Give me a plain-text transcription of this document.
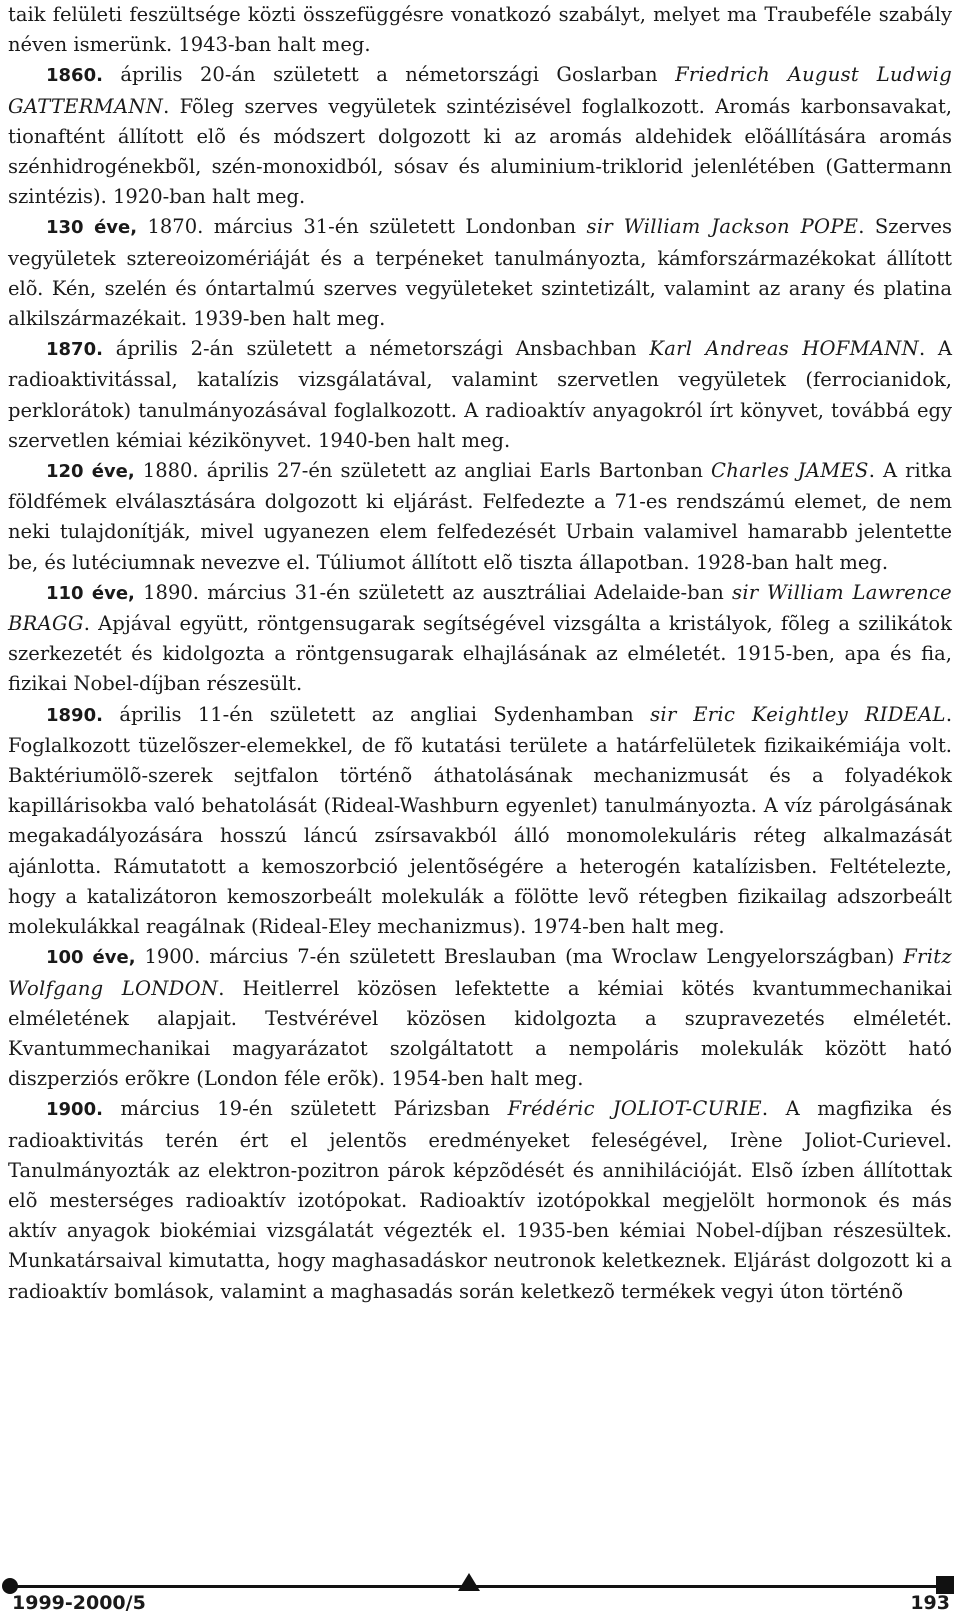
taik felületi feszültsége közti összefüggésre vonatkozó szabályt, melyet ma Traubeféle szabály néven ismerünk. 1943-ban halt meg.

1860. április 20-án született a németországi Goslarban Friedrich August Ludwig GATTERMANN. Fõleg szerves vegyületek szintézisével foglalkozott. Aromás karbonsavakat, tionaftént állított elõ és módszert dolgozott ki az aromás aldehidek elõállítására aromás szénhidrogénekbõl, szén-monoxidból, sósav és aluminium-triklorid jelenlétében (Gattermann szintézis). 1920-ban halt meg.

130 éve, 1870. március 31-én született Londonban sir William Jackson POPE. Szerves vegyületek sztereoizomériáját és a terpéneket tanulmányozta, kámforszármazékokat állított elõ. Kén, szelén és óntartalmú szerves vegyületeket szintetizált, valamint az arany és platina alkilszármazékait. 1939-ben halt meg.

1870. április 2-án született a németországi Ansbachban Karl Andreas HOFMANN. A radioaktivitással, katalízis vizsgálatával, valamint szervetlen vegyületek (ferrocianidok, perklorátok) tanulmányozásával foglalkozott. A radioaktív anyagokról írt könyvet, továbbá egy szervetlen kémiai kézikönyvet. 1940-ben halt meg.

120 éve, 1880. április 27-én született az angliai Earls Bartonban Charles JAMES. A ritka földfémek elválasztására dolgozott ki eljárást. Felfedezte a 71-es rendszámú elemet, de nem neki tulajdonítják, mivel ugyanezen elem felfedezését Urbain valamivel hamarabb jelentette be, és lutéciumnak nevezve el. Túliumot állított elõ tiszta állapotban. 1928-ban halt meg.

110 éve, 1890. március 31-én született az ausztráliai Adelaide-ban sir William Lawrence BRAGG. Apjával együtt, röntgensugarak segítségével vizsgálta a kristályok, fõleg a szilikátok szerkezetét és kidolgozta a röntgensugarak elhajlásának az elméletét. 1915-ben, apa és fia, fizikai Nobel-díjban részesült.

1890. április 11-én született az angliai Sydenhamban sir Eric Keightley RIDEAL. Foglalkozott tüzelõszer-elemekkel, de fõ kutatási területe a határfelületek fizikaikémiája volt. Baktériumölõ-szerek sejtfalon történõ áthatolásának mechanizmusát és a folyadékok kapillárisokba való behatolását (Rideal-Washburn egyenlet) tanulmányozta. A víz párolgásának megakadályozására hosszú láncú zsírsavakból álló monomolekuláris réteg alkalmazását ajánlotta. Rámutatott a kemoszorbció jelentõségére a heterogén katalízisben. Feltételezte, hogy a katalizátoron kemoszorbeált molekulák a fölötte levõ rétegben fizikailag adszorbeált molekulákkal reagálnak (Rideal-Eley mechanizmus). 1974-ben halt meg.

100 éve, 1900. március 7-én született Breslauban (ma Wroclaw Lengyelországban) Fritz Wolfgang LONDON. Heitlerrel közösen lefektette a kémiai kötés kvantummechanikai elméletének alapjait. Testvérével közösen kidolgozta a szupravezetés elméletét. Kvantummechanikai magyarázatot szolgáltatott a nempoláris molekulák között ható diszperziós erõkre (London féle erõk). 1954-ben halt meg.

1900. március 19-én született Párizsban Frédéric JOLIOT-CURIE. A magfizika és radioaktivitás terén ért el jelentõs eredményeket feleségével, Irène Joliot-Curievel. Tanulmányozták az elektron-pozitron párok képzõdését és annihilációját. Elsõ ízben állítottak elõ mesterséges radioaktív izotópokat. Radioaktív izotópokkal megjelölt hormonok és más aktív anyagok biokémiai vizsgálatát végezték el. 1935-ben kémiai Nobel-díjban részesültek. Munkatársaival kimutatta, hogy maghasadáskor neutronok keletkeznek. Eljárást dolgozott ki a radioaktív bomlások, valamint a maghasadás során keletkezõ termékek vegyi úton történõ

1999-2000/5	193
